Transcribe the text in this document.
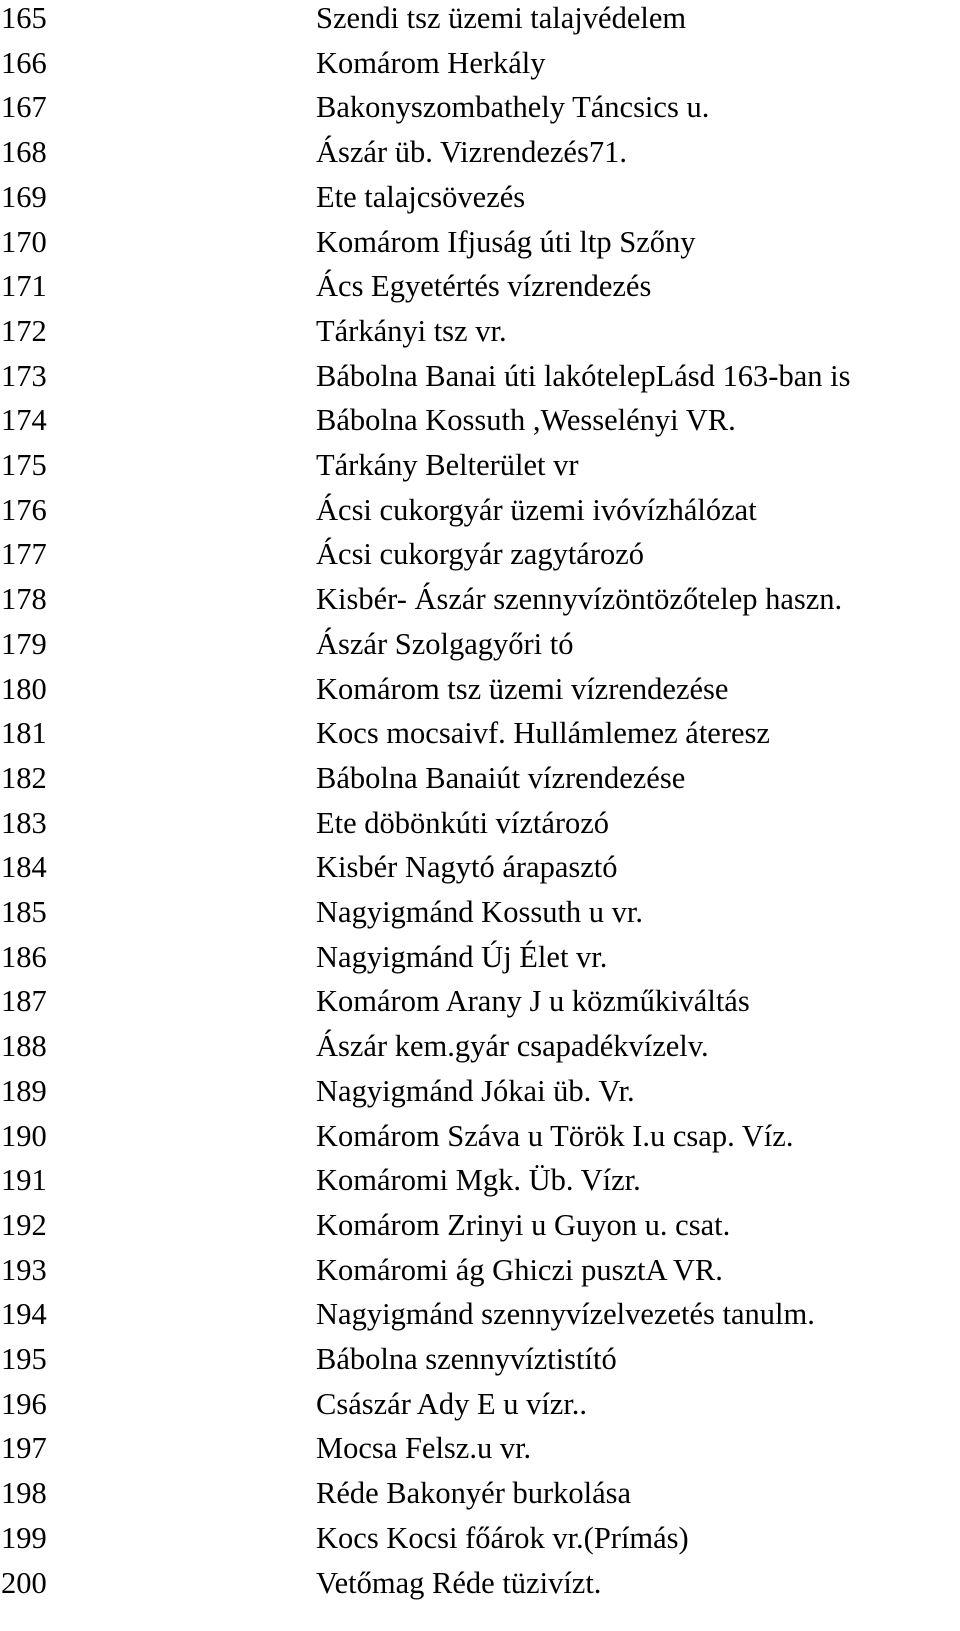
165	Szendi tsz üzemi talajvédelem
166	Komárom Herkály
167	Bakonyszombathely Táncsics u.
168	Ászár üb. Vizrendezés71.
169	Ete talajcsövezés
170	Komárom Ifjuság úti ltp Szőny
171	Ács Egyetértés vízrendezés
172	Tárkányi tsz vr.
173	Bábolna Banai úti lakótelepLásd 163-ban is
174	Bábolna Kossuth ,Wesselényi VR.
175	Tárkány Belterület vr
176	Ácsi cukorgyár üzemi ivóvízhálózat
177	Ácsi cukorgyár zagytározó
178	Kisbér- Ászár szennyvízöntözőtelep haszn.
179	Ászár Szolgagyőri tó
180	Komárom tsz üzemi vízrendezése
181	Kocs mocsaivf. Hullámlemez áteresz
182	Bábolna Banaiút vízrendezése
183	Ete döbönkúti víztározó
184	Kisbér Nagytó árapasztó
185	Nagyigmánd Kossuth u vr.
186	Nagyigmánd Új Élet vr.
187	Komárom Arany J u közműkiváltás
188	Ászár kem.gyár csapadékvízelv.
189	Nagyigmánd Jókai üb. Vr.
190	Komárom Száva u Török I.u csap. Víz.
191	Komáromi Mgk. Üb. Vízr.
192	Komárom Zrinyi u Guyon u. csat.
193	Komáromi ág Ghiczi pusztA VR.
194	Nagyigmánd szennyvízelvezetés tanulm.
195	Bábolna szennyvíztistító
196	Császár Ady E u vízr..
197	Mocsa Felsz.u vr.
198	Réde Bakonyér burkolása
199	Kocs Kocsi főárok vr.(Prímás)
200	Vetőmag Réde tüzivízt.
